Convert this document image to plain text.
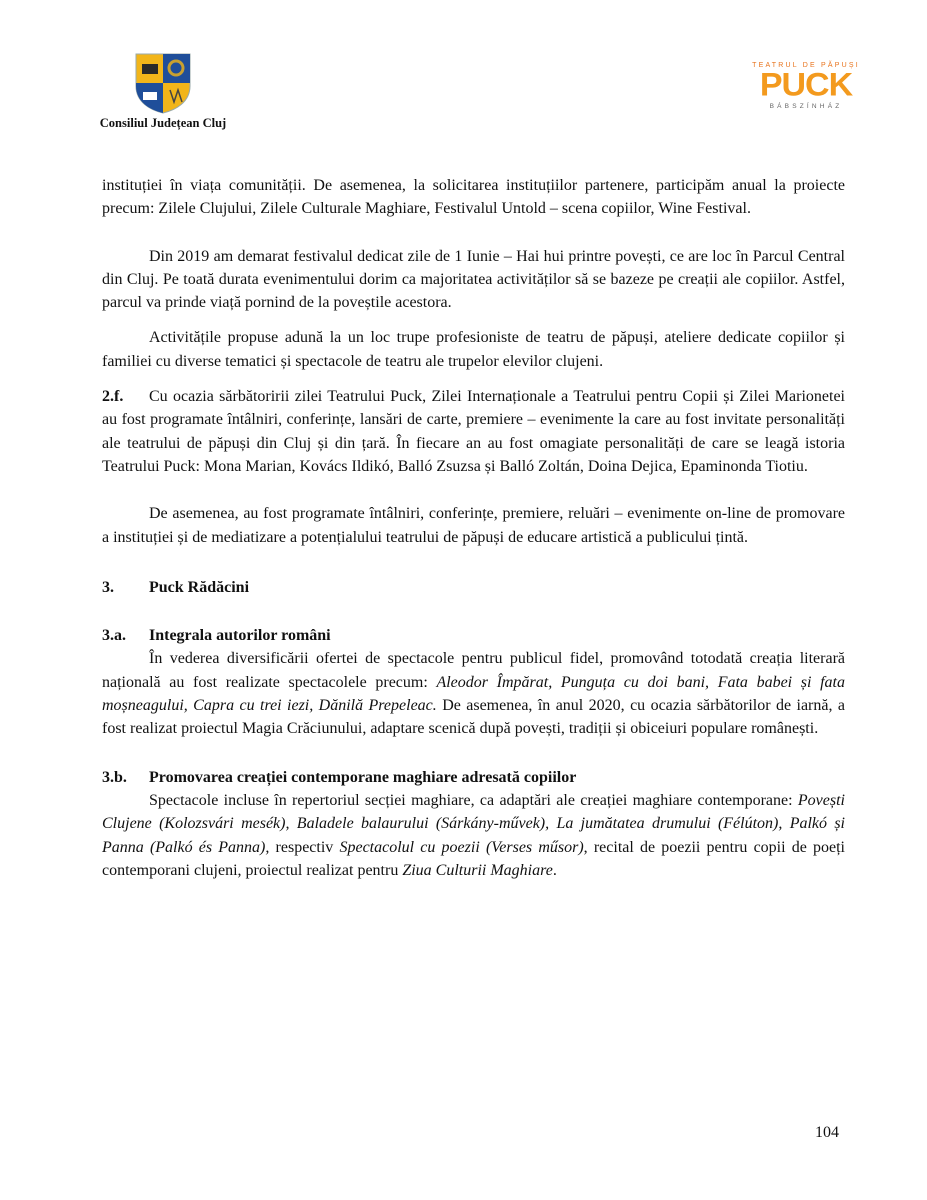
Consiliul Județean Cluj
TEATRUL DE PĂPUȘI
PUCK
BÁBSZÍNHÁZ

instituției în viața comunității. De asemenea, la solicitarea instituțiilor partenere, participăm anual la proiecte precum: Zilele Clujului, Zilele Culturale Maghiare, Festivalul Untold – scena copiilor, Wine Festival.

Din 2019 am demarat festivalul dedicat zile de 1 Iunie – Hai hui printre povești, ce are loc în Parcul Central din Cluj. Pe toată durata evenimentului dorim ca majoritatea activităților să se bazeze pe creații ale copiilor. Astfel, parcul va prinde viață pornind de la poveștile acestora.

Activitățile propuse adună la un loc trupe profesioniste de teatru de păpuși, ateliere dedicate copiilor și familiei cu diverse tematici și spectacole de teatru ale trupelor elevilor clujeni.

2.f. Cu ocazia sărbătoririi zilei Teatrului Puck, Zilei Internaționale a Teatrului pentru Copii și Zilei Marionetei au fost programate întâlniri, conferințe, lansări de carte, premiere – evenimente la care au fost invitate personalități ale teatrului de păpuși din Cluj și din țară. În fiecare an au fost omagiate personalități de care se leagă istoria Teatrului Puck: Mona Marian, Kovács Ildikó, Balló Zsuzsa și Balló Zoltán, Doina Dejica, Epaminonda Tiotiu.

De asemenea, au fost programate întâlniri, conferințe, premiere, reluări – evenimente on-line de promovare a instituției și de mediatizare a potențialului teatrului de păpuși de educare artistică a publicului țintă.

3. Puck Rădăcini

3.a. Integrala autorilor români

În vederea diversificării ofertei de spectacole pentru publicul fidel, promovând totodată creația literară națională au fost realizate spectacolele precum: Aleodor Împărat, Punguța cu doi bani, Fata babei și fata moșneagului, Capra cu trei iezi, Dănilă Prepeleac. De asemenea, în anul 2020, cu ocazia sărbătorilor de iarnă, a fost realizat proiectul Magia Crăciunului, adaptare scenică după povești, tradiții și obiceiuri populare românești.

3.b. Promovarea creației contemporane maghiare adresată copiilor

Spectacole incluse în repertoriul secției maghiare, ca adaptări ale creației maghiare contemporane: Povești Clujene (Kolozsvári mesék), Baladele balaurului (Sárkány-művek), La jumătatea drumului (Félúton), Palkó și Panna (Palkó és Panna), respectiv Spectacolul cu poezii (Verses műsor), recital de poezii pentru copii de poeți contemporani clujeni, proiectul realizat pentru Ziua Culturii Maghiare.

104
